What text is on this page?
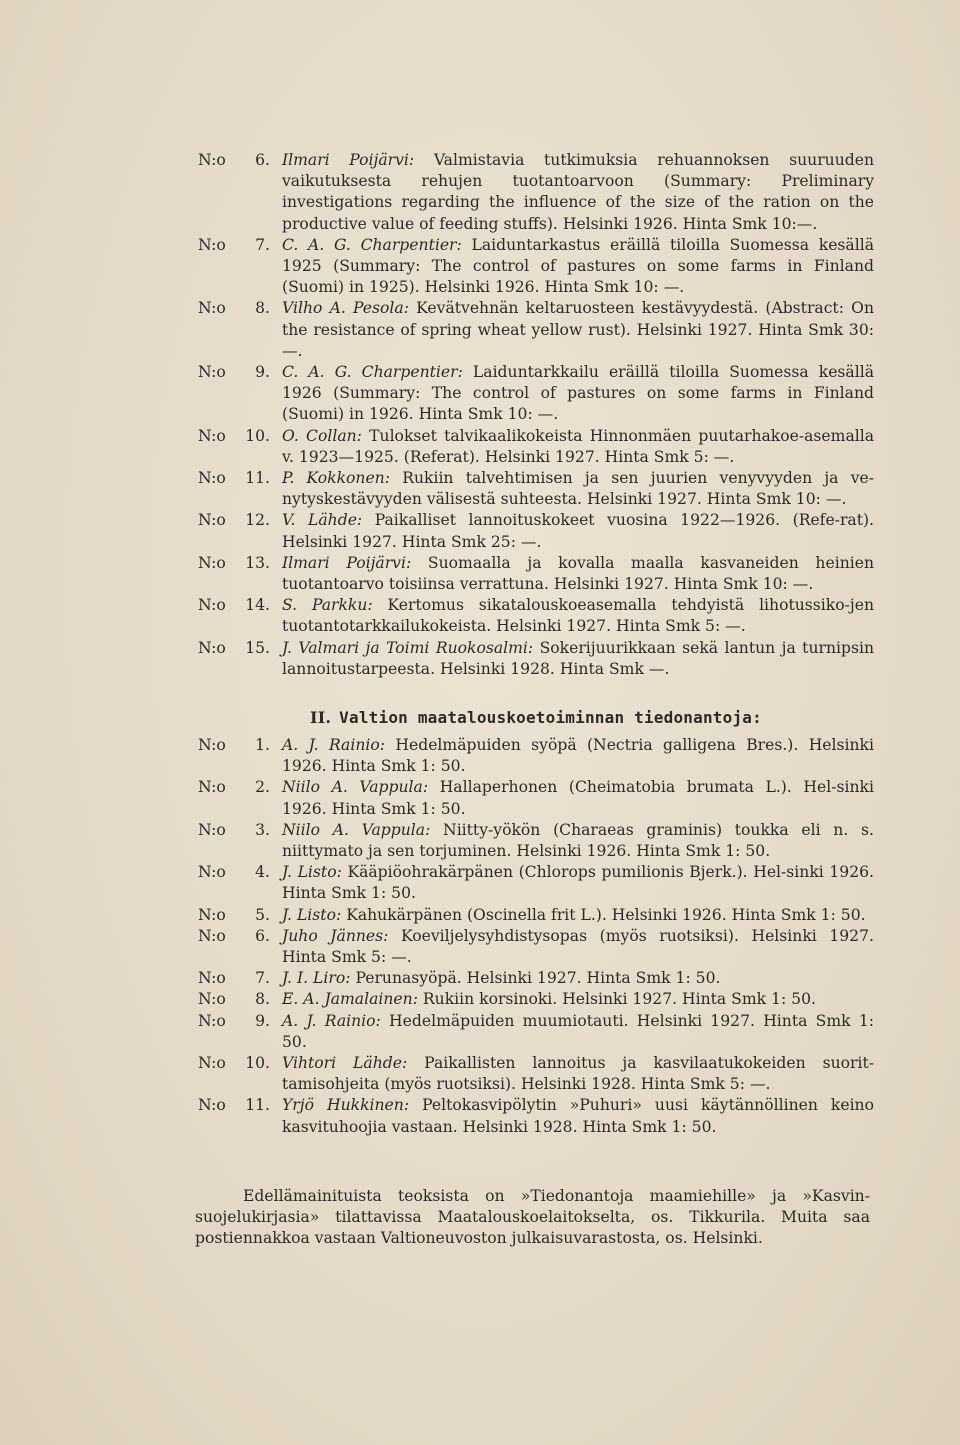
N:o 6. Ilmari Poijärvi: Valmistavia tutkimuksia rehuannoksen suuruuden vaikutuksesta rehujen tuotantoarvoon (Summary: Preliminary investigations regarding the influence of the size of the ration on the productive value of feeding stuffs). Helsinki 1926. Hinta Smk 10:—.
N:o 7. C. A. G. Charpentier: Laiduntarkastus eräillä tiloilla Suomessa kesällä 1925 (Summary: The control of pastures on some farms in Finland (Suomi) in 1925). Helsinki 1926. Hinta Smk 10: —.
N:o 8. Vilho A. Pesola: Kevätvehnän keltaruosteen kestävyydestä. (Abstract: On the resistance of spring wheat yellow rust). Helsinki 1927. Hinta Smk 30: —.
N:o 9. C. A. G. Charpentier: Laiduntarkkailu eräillä tiloilla Suomessa kesällä 1926 (Summary: The control of pastures on some farms in Finland (Suomi) in 1926. Hinta Smk 10: —.
N:o 10. O. Collan: Tulokset talvikaalikokeista Hinnonmäen puutarhakoe-asemalla v. 1923—1925. (Referat). Helsinki 1927. Hinta Smk 5: —.
N:o 11. P. Kokkonen: Rukiin talvehtimisen ja sen juurien venyvyyden ja ve-nytyskestävyyden välisestä suhteesta. Helsinki 1927. Hinta Smk 10: —.
N:o 12. V. Lähde: Paikalliset lannoituskokeet vuosina 1922—1926. (Refe-rat). Helsinki 1927. Hinta Smk 25: —.
N:o 13. Ilmari Poijärvi: Suomaalla ja kovalla maalla kasvaneiden heinien tuotantoarvo toisiinsa verrattuna. Helsinki 1927. Hinta Smk 10: —.
N:o 14. S. Parkku: Kertomus sikatalouskoeasemalla tehdyistä lihotussiko-jen tuotantotarkkailukokeista. Helsinki 1927. Hinta Smk 5: —.
N:o 15. J. Valmari ja Toimi Ruokosalmi: Sokerijuurikkaan sekä lantun ja turnipsin lannoitustarpeesta. Helsinki 1928. Hinta Smk —.
II. Valtion maatalouskoetoiminnan tiedonantoja:
N:o 1. A. J. Rainio: Hedelmäpuiden syöpä (Nectria galligena Bres.). Helsinki 1926. Hinta Smk 1: 50.
N:o 2. Niilo A. Vappula: Hallaperhonen (Cheimatobia brumata L.). Hel-sinki 1926. Hinta Smk 1: 50.
N:o 3. Niilo A. Vappula: Niitty-yökön (Charaeas graminis) toukka eli n. s. niittymato ja sen torjuminen. Helsinki 1926. Hinta Smk 1: 50.
N:o 4. J. Listo: Kääpiöohrakärpänen (Chlorops pumilionis Bjerk.). Hel-sinki 1926. Hinta Smk 1: 50.
N:o 5. J. Listo: Kahukärpänen (Oscinella frit L.). Helsinki 1926. Hinta Smk 1: 50.
N:o 6. Juho Jännes: Koeviljelysyhdistysopas (myös ruotsiksi). Helsinki 1927. Hinta Smk 5: —.
N:o 7. J. I. Liro: Perunasyöpä. Helsinki 1927. Hinta Smk 1: 50.
N:o 8. E. A. Jamalainen: Rukiin korsinoki. Helsinki 1927. Hinta Smk 1: 50.
N:o 9. A. J. Rainio: Hedelmäpuiden muumiotauti. Helsinki 1927. Hinta Smk 1: 50.
N:o 10. Vihtori Lähde: Paikallisten lannoitus ja kasvilaatukokeiden suorit-tamisohjeita (myös ruotsiksi). Helsinki 1928. Hinta Smk 5: —.
N:o 11. Yrjö Hukkinen: Peltokasvipölytin »Puhuri» uusi käytännöllinen keino kasvituhoojia vastaan. Helsinki 1928. Hinta Smk 1: 50.

Edellämainituista teoksista on »Tiedonantoja maamiehille» ja »Kasvin-suojelukirjasia» tilattavissa Maatalouskoelaitokselta, os. Tikkurila. Muita saa postiennakkoa vastaan Valtioneuvoston julkaisuvarastosta, os. Helsinki.
